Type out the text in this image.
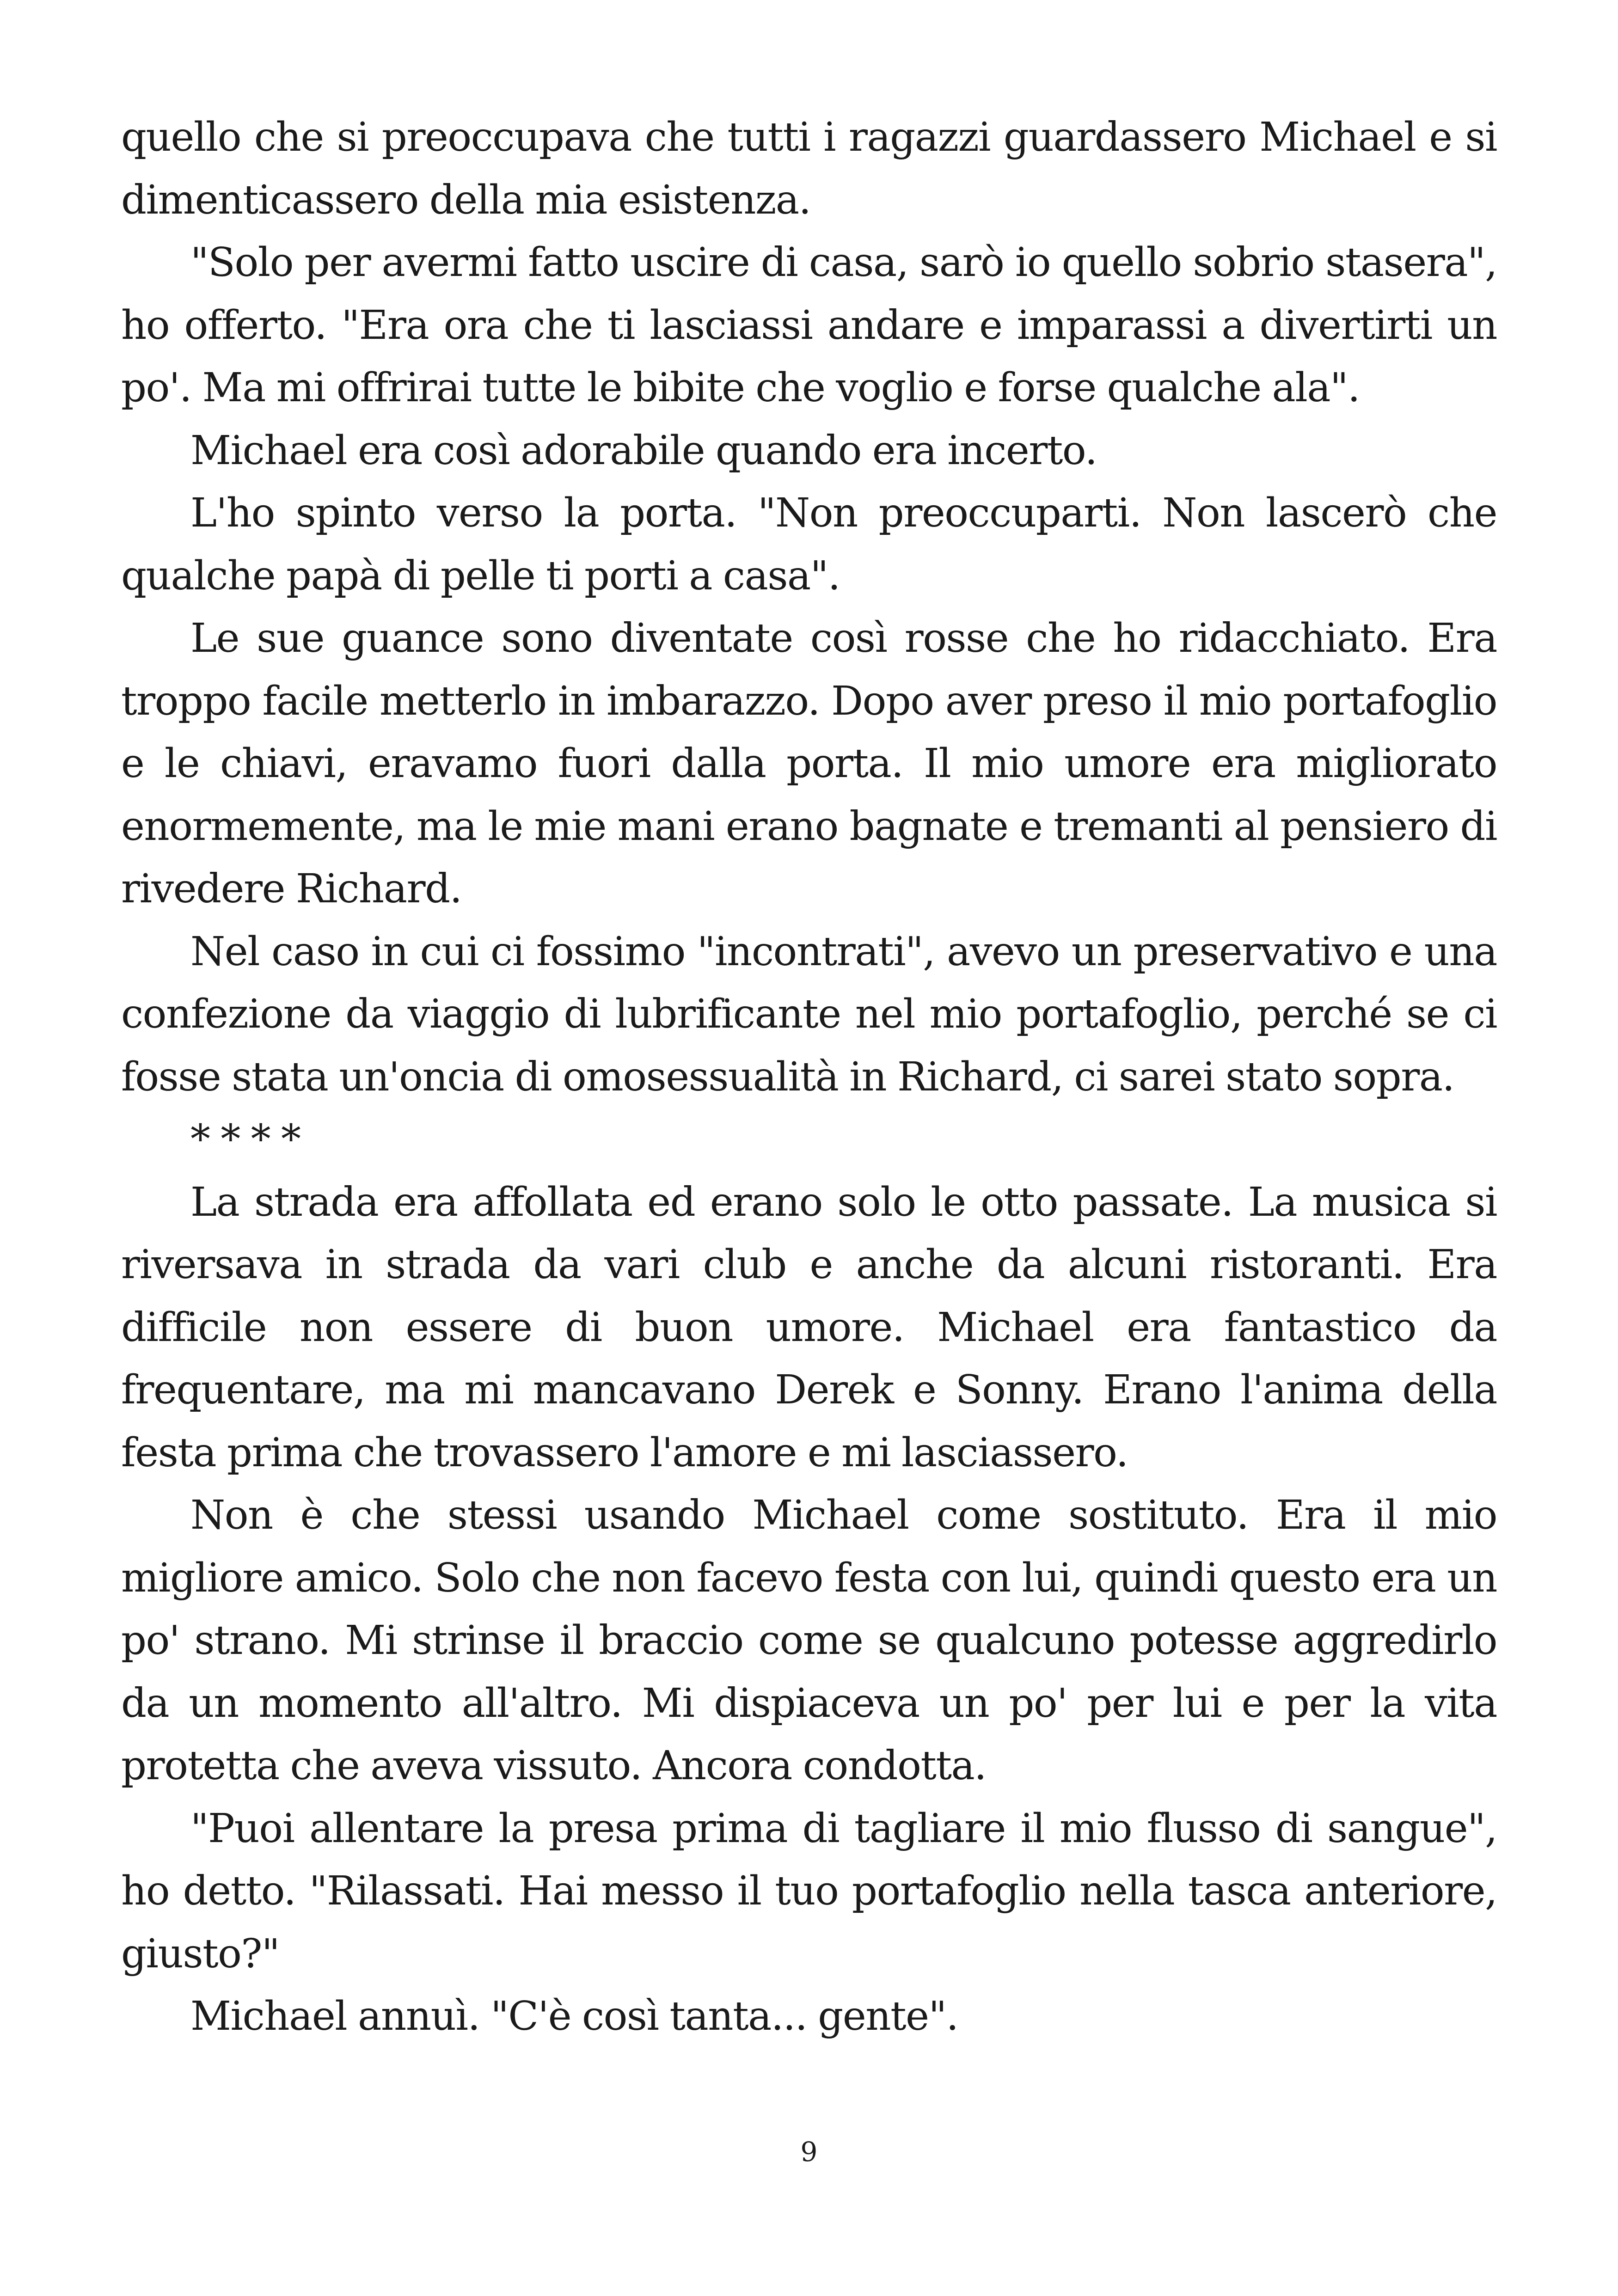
quello che si preoccupava che tutti i ragazzi guardassero Michael e si dimenticassero della mia esistenza.

"Solo per avermi fatto uscire di casa, sarò io quello sobrio stasera", ho offerto. "Era ora che ti lasciassi andare e imparassi a divertirti un po'. Ma mi offrirai tutte le bibite che voglio e forse qualche ala".

Michael era così adorabile quando era incerto.

L'ho spinto verso la porta. "Non preoccuparti. Non lascerò che qualche papà di pelle ti porti a casa".

Le sue guance sono diventate così rosse che ho ridacchiato. Era troppo facile metterlo in imbarazzo. Dopo aver preso il mio portafoglio e le chiavi, eravamo fuori dalla porta. Il mio umore era migliorato enormemente, ma le mie mani erano bagnate e tremanti al pensiero di rivedere Richard.

Nel caso in cui ci fossimo "incontrati", avevo un preservativo e una confezione da viaggio di lubrificante nel mio portafoglio, perché se ci fosse stata un'oncia di omosessualità in Richard, ci sarei stato sopra.

* * * *

La strada era affollata ed erano solo le otto passate. La musica si riversava in strada da vari club e anche da alcuni ristoranti. Era difficile non essere di buon umore. Michael era fantastico da frequentare, ma mi mancavano Derek e Sonny. Erano l'anima della festa prima che trovassero l'amore e mi lasciassero.

Non è che stessi usando Michael come sostituto. Era il mio migliore amico. Solo che non facevo festa con lui, quindi questo era un po' strano. Mi strinse il braccio come se qualcuno potesse aggredirlo da un momento all'altro. Mi dispiaceva un po' per lui e per la vita protetta che aveva vissuto. Ancora condotta.

"Puoi allentare la presa prima di tagliare il mio flusso di sangue", ho detto. "Rilassati. Hai messo il tuo portafoglio nella tasca anteriore, giusto?"

Michael annuì. "C'è così tanta... gente".

9
